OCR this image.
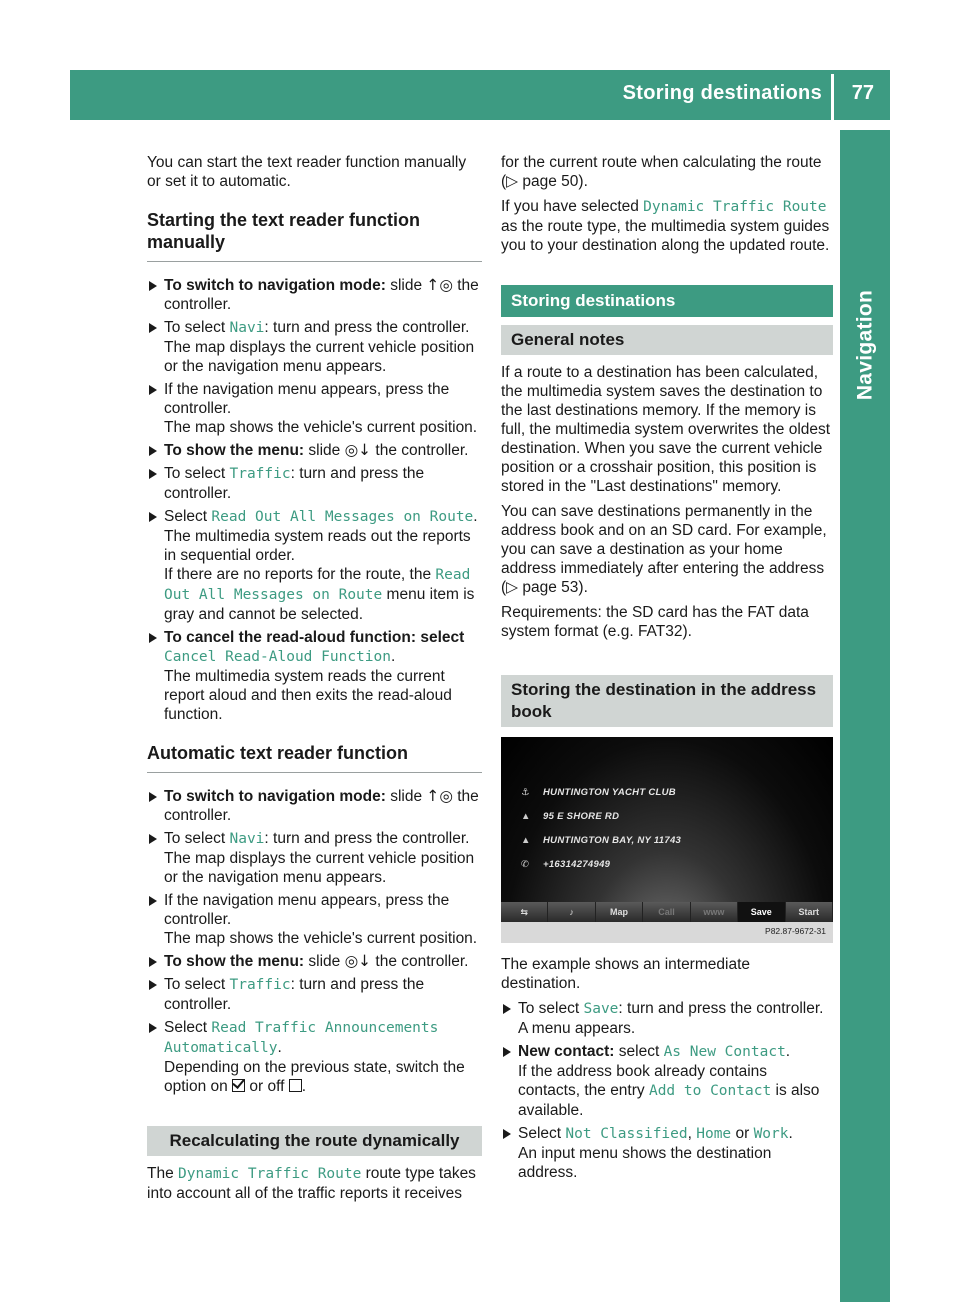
Storing destinations 77
Navigation

You can start the text reader function manually or set it to automatic.

Starting the text reader function manually
To switch to navigation mode: slide ↑◎ the controller.
To select Navi: turn and press the controller.
The map displays the current vehicle position or the navigation menu appears.
If the navigation menu appears, press the controller.
The map shows the vehicle's current position.
To show the menu: slide ◎↓ the controller.
To select Traffic: turn and press the controller.
Select Read Out All Messages on Route.
The multimedia system reads out the reports in sequential order.
If there are no reports for the route, the Read Out All Messages on Route menu item is gray and cannot be selected.
To cancel the read-aloud function: select
Cancel Read-Aloud Function.
The multimedia system reads the current report aloud and then exits the read-aloud function.
Automatic text reader function
To switch to navigation mode: slide ↑◎ the controller.
To select Navi: turn and press the controller.
The map displays the current vehicle position or the navigation menu appears.
If the navigation menu appears, press the controller.
The map shows the vehicle's current position.
To show the menu: slide ◎↓ the controller.
To select Traffic: turn and press the controller.
Select Read Traffic Announcements Automatically.
Depending on the previous state, switch the option on  or off .
Recalculating the route dynamically

The Dynamic Traffic Route route type takes into account all of the traffic reports it receives

for the current route when calculating the route (▷ page 50).

If you have selected Dynamic Traffic Route as the route type, the multimedia system guides you to your destination along the updated route.

Storing destinations
General notes

If a route to a destination has been calculated, the multimedia system saves the destination to the last destinations memory. If the memory is full, the multimedia system overwrites the oldest destination. When you save the current vehicle position or a crosshair position, this position is stored in the "Last destinations" memory.

You can save destinations permanently in the address book and on an SD card. For example, you can save a destination as your home address immediately after entering the address (▷ page 53).

Requirements: the SD card has the FAT data system format (e.g. FAT32).

Storing the destination in the address book
⚓ HUNTINGTON YACHT CLUB
▲ 95 E SHORE RD
▲ HUNTINGTON BAY, NY 11743
✆ +16314274949
⇆	♪	Map	Call	www	Save	Start
P82.87-9672-31

The example shows an intermediate destination.

To select Save: turn and press the controller.
A menu appears.
New contact: select As New Contact.
If the address book already contains contacts, the entry Add to Contact is also available.
Select Not Classified, Home or Work.
An input menu shows the destination address.
